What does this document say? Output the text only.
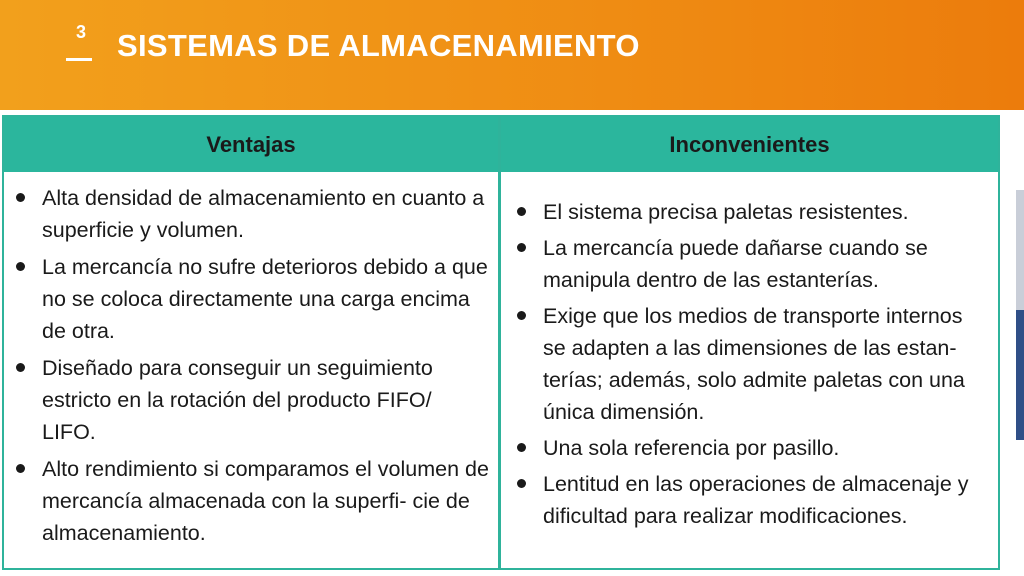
3 SISTEMAS DE ALMACENAMIENTO
Ventajas	Inconvenientes
Alta densidad de almacenamiento en cuanto a superficie y volumen.
La mercancía no sufre deterioros debido a que no se coloca directamente una carga encima de otra.
Diseñado para conseguir un seguimiento estricto en la rotación del producto FIFO/ LIFO.
Alto rendimiento si comparamos el volumen de mercancía almacenada con la superfi- cie de almacenamiento.
El sistema precisa paletas resistentes.
La mercancía puede dañarse cuando se manipula dentro de las estanterías.
Exige que los medios de transporte internos se adapten a las dimensiones de las estan- terías; además, solo admite paletas con una única dimensión.
Una sola referencia por pasillo.
Lentitud en las operaciones de almacenaje y dificultad para realizar modificaciones.
